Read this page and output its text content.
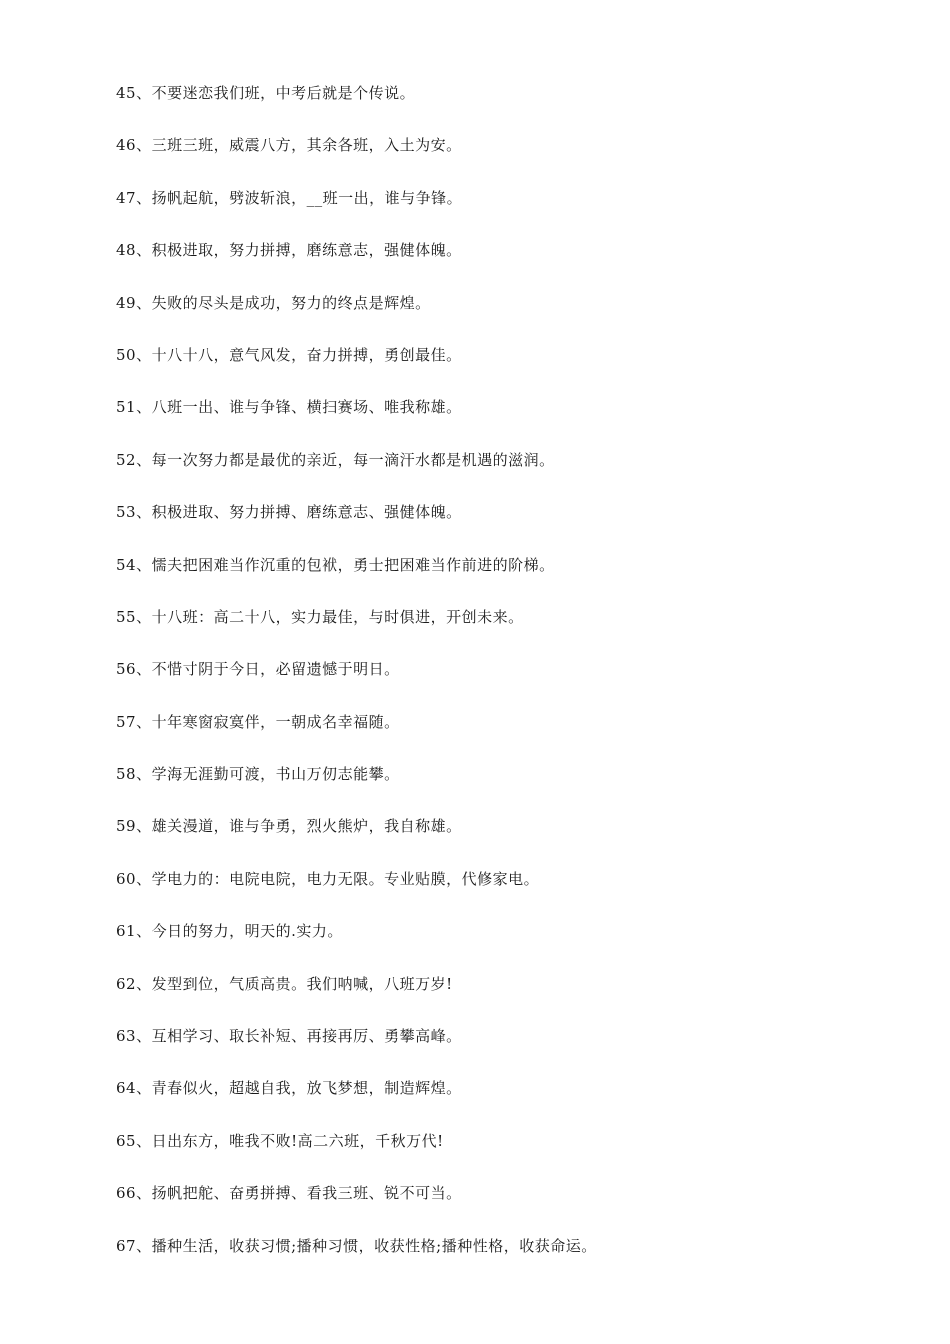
45、不要迷恋我们班，中考后就是个传说。
46、三班三班，威震八方，其余各班，入土为安。
47、扬帆起航，劈波斩浪，__班一出，谁与争锋。
48、积极进取，努力拼搏，磨练意志，强健体魄。
49、失败的尽头是成功，努力的终点是辉煌。
50、十八十八，意气风发，奋力拼搏，勇创最佳。
51、八班一出、谁与争锋、横扫赛场、唯我称雄。
52、每一次努力都是最优的亲近，每一滴汗水都是机遇的滋润。
53、积极进取、努力拼搏、磨练意志、强健体魄。
54、懦夫把困难当作沉重的包袱，勇士把困难当作前进的阶梯。
55、十八班：高二十八，实力最佳，与时俱进，开创未来。
56、不惜寸阴于今日，必留遗憾于明日。
57、十年寒窗寂寞伴，一朝成名幸福随。
58、学海无涯勤可渡，书山万仞志能攀。
59、雄关漫道，谁与争勇，烈火熊炉，我自称雄。
60、学电力的：电院电院，电力无限。专业贴膜，代修家电。
61、今日的努力，明天的.实力。
62、发型到位，气质高贵。我们呐喊，八班万岁!
63、互相学习、取长补短、再接再厉、勇攀高峰。
64、青春似火，超越自我，放飞梦想，制造辉煌。
65、日出东方，唯我不败!高二六班，千秋万代!
66、扬帆把舵、奋勇拼搏、看我三班、锐不可当。
67、播种生活，收获习惯;播种习惯，收获性格;播种性格，收获命运。
